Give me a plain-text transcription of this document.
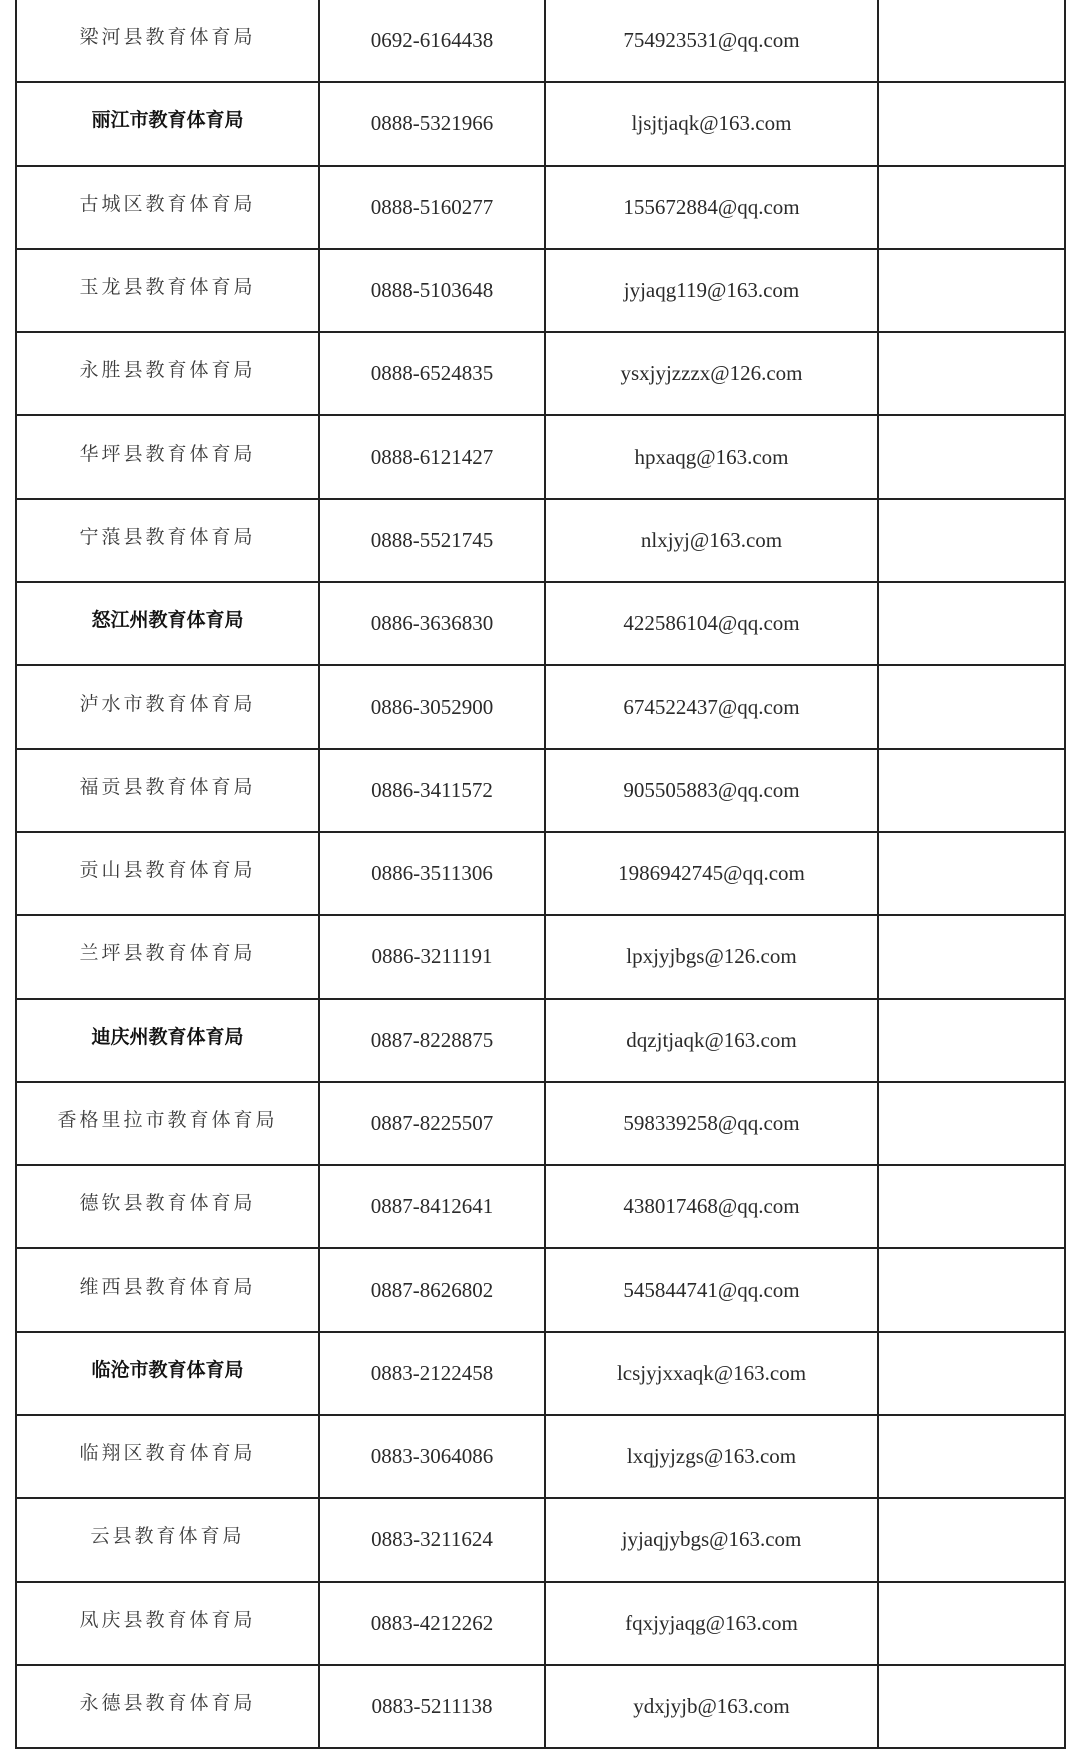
梁河县教育体育局	0692-6164438	754923531@qq.com	
丽江市教育体育局	0888-5321966	ljsjtjaqk@163.com	
古城区教育体育局	0888-5160277	155672884@qq.com	
玉龙县教育体育局	0888-5103648	jyjaqg119@163.com	
永胜县教育体育局	0888-6524835	ysxjyjzzzx@126.com	
华坪县教育体育局	0888-6121427	hpxaqg@163.com	
宁蒗县教育体育局	0888-5521745	nlxjyj@163.com	
怒江州教育体育局	0886-3636830	422586104@qq.com	
泸水市教育体育局	0886-3052900	674522437@qq.com	
福贡县教育体育局	0886-3411572	905505883@qq.com	
贡山县教育体育局	0886-3511306	1986942745@qq.com	
兰坪县教育体育局	0886-3211191	lpxjyjbgs@126.com	
迪庆州教育体育局	0887-8228875	dqzjtjaqk@163.com	
香格里拉市教育体育局	0887-8225507	598339258@qq.com	
德钦县教育体育局	0887-8412641	438017468@qq.com	
维西县教育体育局	0887-8626802	545844741@qq.com	
临沧市教育体育局	0883-2122458	lcsjyjxxaqk@163.com	
临翔区教育体育局	0883-3064086	lxqjyjzgs@163.com	
云县教育体育局	0883-3211624	jyjaqjybgs@163.com	
凤庆县教育体育局	0883-4212262	fqxjyjaqg@163.com	
永德县教育体育局	0883-5211138	ydxjyjb@163.com	
